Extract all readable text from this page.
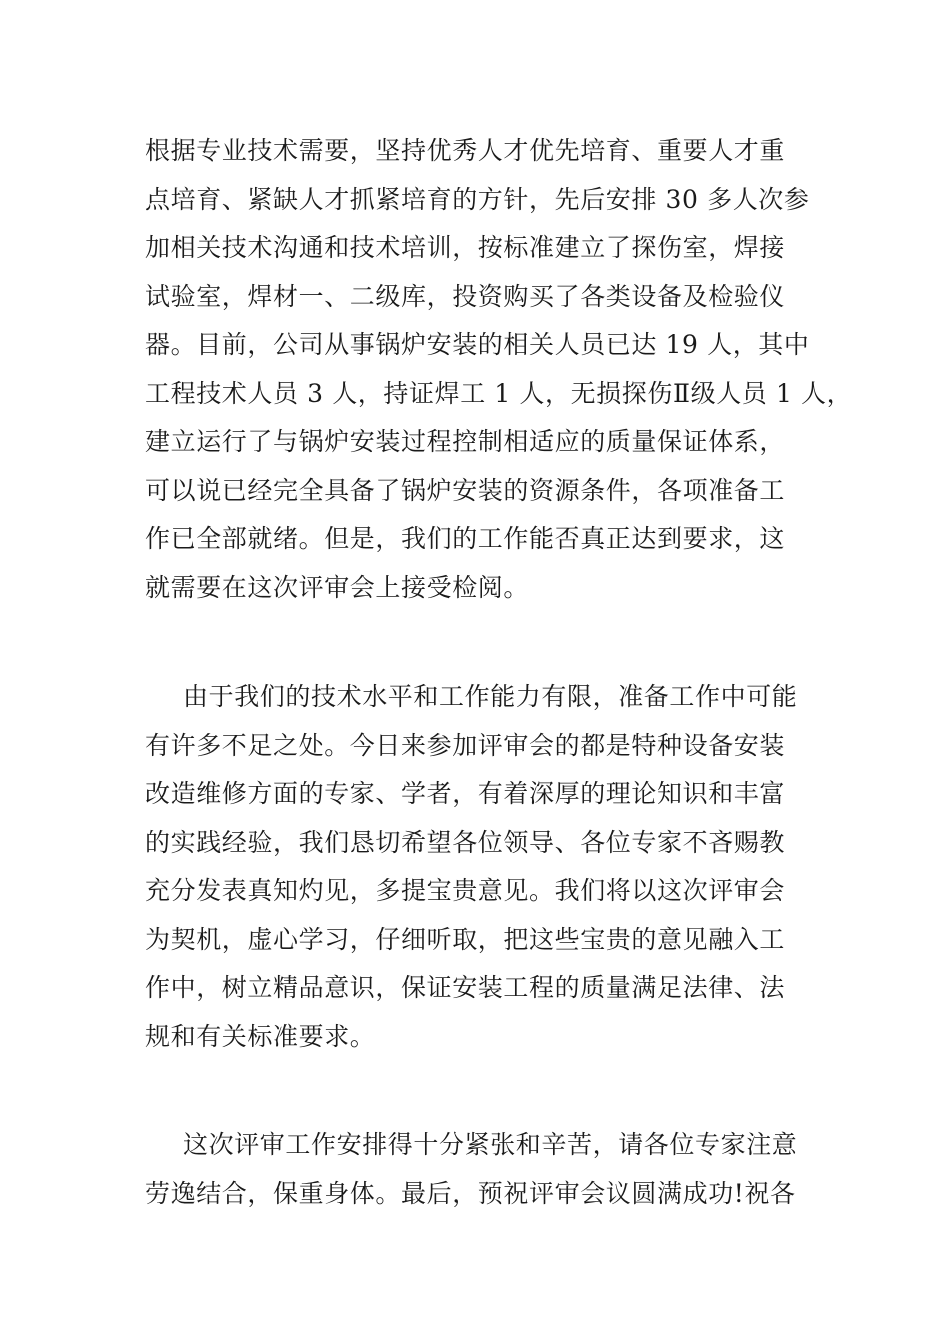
根据专业技术需要，坚持优秀人才优先培育、重要人才重
点培育、紧缺人才抓紧培育的方针，先后安排 30 多人次参
加相关技术沟通和技术培训，按标准建立了探伤室，焊接
试验室，焊材一、二级库，投资购买了各类设备及检验仪
器。目前，公司从事锅炉安装的相关人员已达 19 人，其中
工程技术人员 3 人，持证焊工 1 人，无损探伤Ⅱ级人员 1 人，
建立运行了与锅炉安装过程控制相适应的质量保证体系，
可以说已经完全具备了锅炉安装的资源条件，各项准备工
作已全部就绪。但是，我们的工作能否真正达到要求，这
就需要在这次评审会上接受检阅。
由于我们的技术水平和工作能力有限，准备工作中可能
有许多不足之处。今日来参加评审会的都是特种设备安装
改造维修方面的专家、学者，有着深厚的理论知识和丰富
的实践经验，我们恳切希望各位领导、各位专家不吝赐教
充分发表真知灼见，多提宝贵意见。我们将以这次评审会
为契机，虚心学习，仔细听取，把这些宝贵的意见融入工
作中，树立精品意识，保证安装工程的质量满足法律、法
规和有关标准要求。
这次评审工作安排得十分紧张和辛苦，请各位专家注意
劳逸结合，保重身体。最后，预祝评审会议圆满成功!祝各
